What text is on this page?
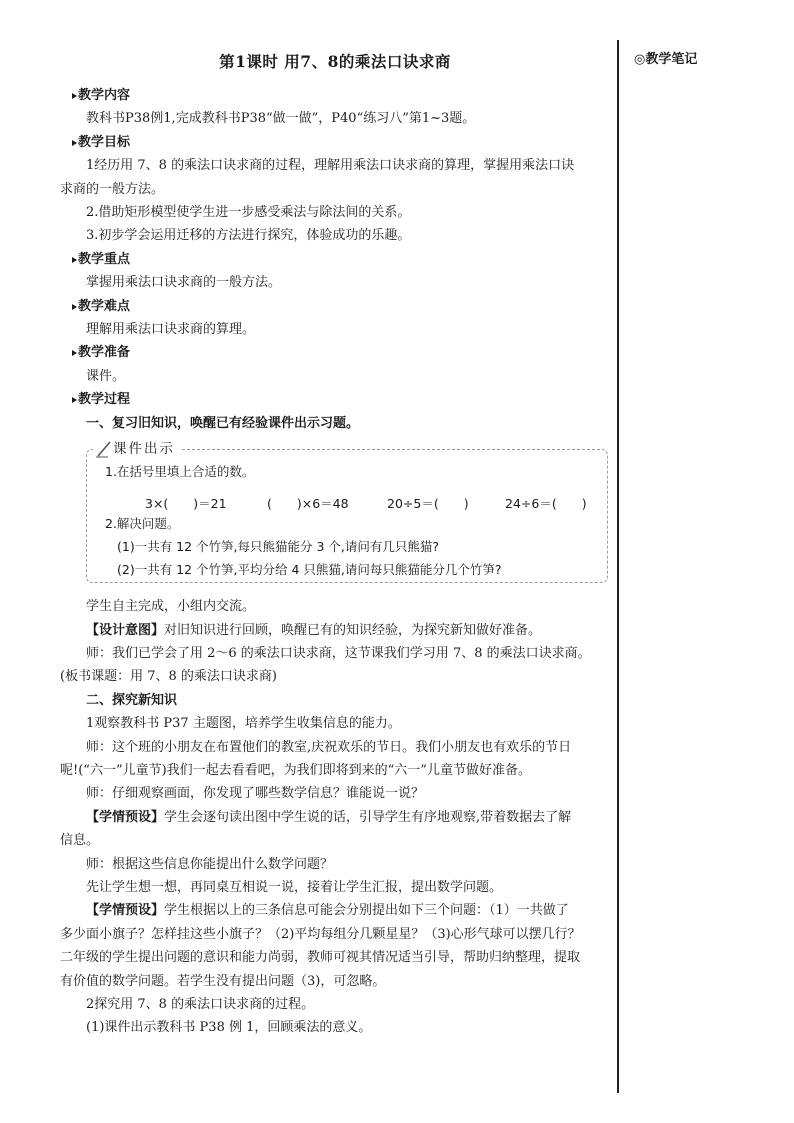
第1课时 用7、8的乘法口诀求商	◎教学笔记
教学内容
教科书P38例1,完成教科书P38“做一做”，P40“练习八”第1~3题。
教学目标
1经历用 7、8 的乘法口诀求商的过程，理解用乘法口诀求商的算理，掌握用乘法口诀
求商的一般方法。
2.借助矩形模型使学生进一步感受乘法与除法间的关系。
3.初步学会运用迁移的方法进行探究，体验成功的乐趣。
教学重点
掌握用乘法口诀求商的一般方法。
教学难点
理解用乘法口诀求商的算理。
教学准备
课件。
教学过程
一、复习旧知识，唤醒已有经验课件出示习题。
课件出示
1.在括号里填上合适的数。
3×(　　)＝21	(　　)×6＝48	20÷5＝(　　)	24÷6＝(　　)
2.解决问题。
(1)一共有 12 个竹笋,每只熊猫能分 3 个,请问有几只熊猫?
(2)一共有 12 个竹笋,平均分给 4 只熊猫,请问每只熊猫能分几个竹笋?
学生自主完成，小组内交流。
【设计意图】对旧知识进行回顾，唤醒已有的知识经验，为探究新知做好准备。
师：我们已学会了用 2～6 的乘法口诀求商，这节课我们学习用 7、8 的乘法口诀求商。
(板书课题：用 7、8 的乘法口诀求商)
二、探究新知识
1观察教科书 P37 主题图，培养学生收集信息的能力。
师：这个班的小朋友在布置他们的教室,庆祝欢乐的节日。我们小朋友也有欢乐的节日
呢!(“六一”儿童节)我们一起去看看吧，为我们即将到来的“六一”儿童节做好准备。
师：仔细观察画面，你发现了哪些数学信息？谁能说一说？
【学情预设】学生会逐句读出图中学生说的话，引导学生有序地观察,带着数据去了解
信息。
师：根据这些信息你能提出什么数学问题？
先让学生想一想，再同桌互相说一说，接着让学生汇报，提出数学问题。
【学情预设】学生根据以上的三条信息可能会分别提出如下三个问题：（1）一共做了
多少面小旗子？怎样挂这些小旗子？（2)平均每组分几颗星星？（3)心形气球可以摆几行？
二年级的学生提出问题的意识和能力尚弱，教师可视其情况适当引导，帮助归纳整理，提取
有价值的数学问题。若学生没有提出问题（3)，可忽略。
2探究用 7、8 的乘法口诀求商的过程。
(1)课件出示教科书 P38 例 1，回顾乘法的意义。
